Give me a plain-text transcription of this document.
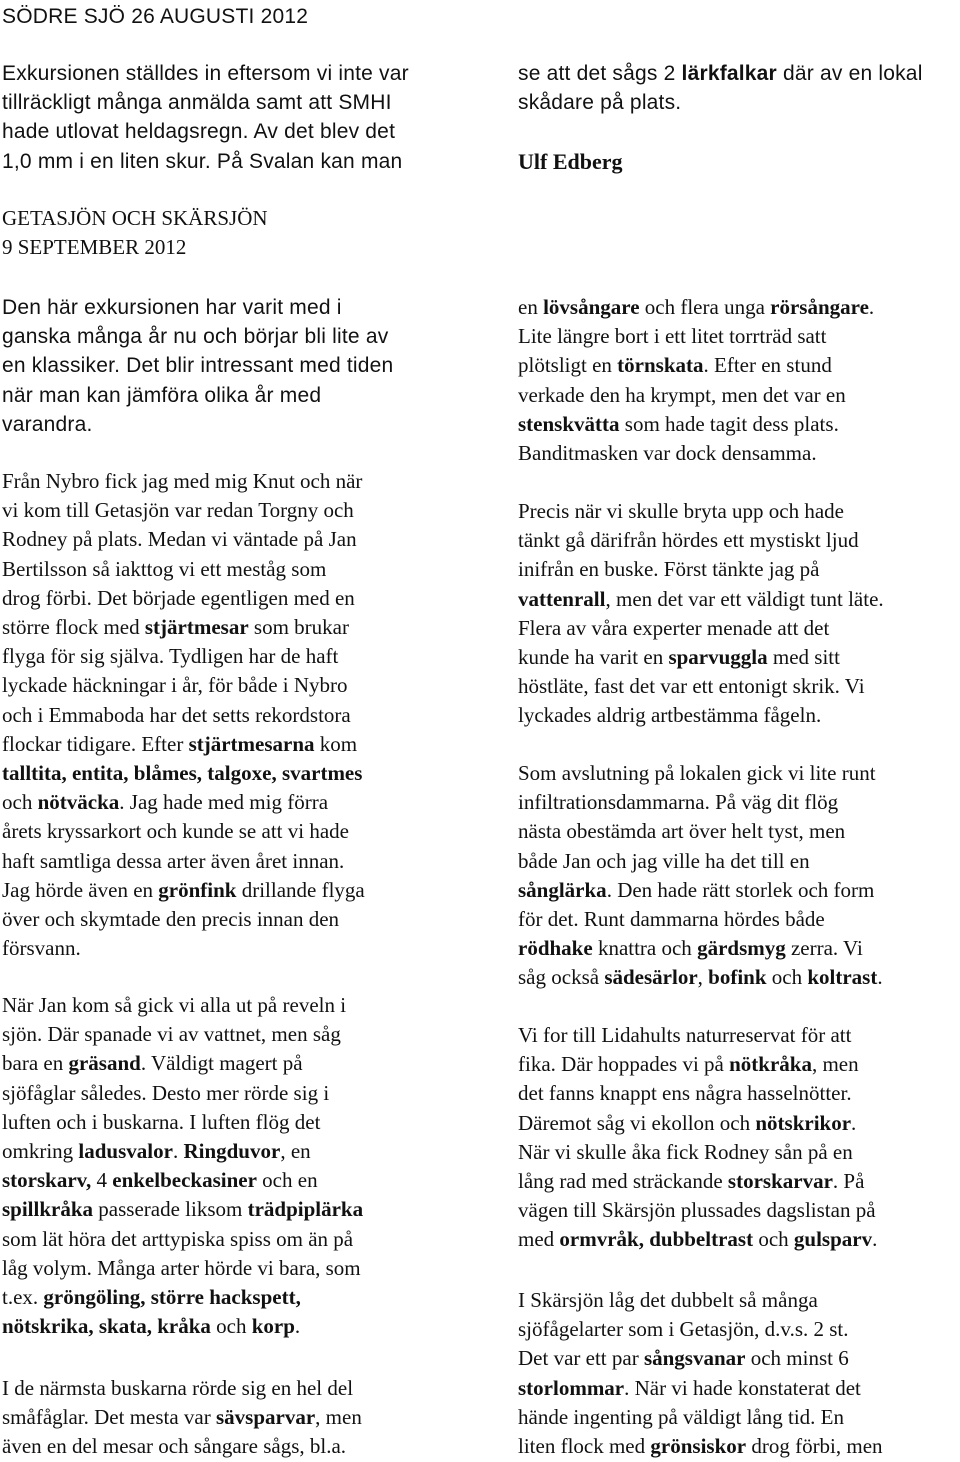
SÖDRE SJÖ 26 AUGUSTI 2012
Exkursionen ställdes in eftersom vi inte var
tillräckligt många anmälda samt att SMHI
hade utlovat heldagsregn. Av det blev det
1,0 mm i en liten skur. På Svalan kan man
se att det sågs 2 lärkfalkar där av en lokal
skådare på plats.
Ulf Edberg
GETASJÖN OCH SKÄRSJÖN
9 SEPTEMBER 2012
Den här exkursionen har varit med i
ganska många år nu och börjar bli lite av
en klassiker. Det blir intressant med tiden
när man kan jämföra olika år med
varandra.
Från Nybro fick jag med mig Knut och när
vi kom till Getasjön var redan Torgny och
Rodney på plats. Medan vi väntade på Jan
Bertilsson så iakttog vi ett meståg som
drog förbi. Det började egentligen med en
större flock med stjärtmesar som brukar
flyga för sig själva. Tydligen har de haft
lyckade häckningar i år, för både i Nybro
och i Emmaboda har det setts rekordstora
flockar tidigare. Efter stjärtmesarna kom
talltita, entita, blåmes, talgoxe, svartmes
och nötväcka. Jag hade med mig förra
årets kryssarkort och kunde se att vi hade
haft samtliga dessa arter även året innan.
Jag hörde även en grönfink drillande flyga
över och skymtade den precis innan den
försvann.
När Jan kom så gick vi alla ut på reveln i
sjön. Där spanade vi av vattnet, men såg
bara en gräsand. Väldigt magert på
sjöfåglar således. Desto mer rörde sig i
luften och i buskarna. I luften flög det
omkring ladusvalor. Ringduvor, en
storskarv, 4 enkelbeckasiner och en
spillkråka passerade liksom trädpiplärka
som lät höra det arttypiska spiss om än på
låg volym. Många arter hörde vi bara, som
t.ex. gröngöling, större hackspett,
nötskrika, skata, kråka och korp.
I de närmsta buskarna rörde sig en hel del
småfåglar. Det mesta var sävsparvar, men
även en del mesar och sångare sågs, bl.a.
en lövsångare och flera unga rörsångare.
Lite längre bort i ett litet torrträd satt
plötsligt en törnskata. Efter en stund
verkade den ha krympt, men det var en
stenskvätta som hade tagit dess plats.
Banditmasken var dock densamma.
Precis när vi skulle bryta upp och hade
tänkt gå därifrån hördes ett mystiskt ljud
inifrån en buske. Först tänkte jag på
vattenrall, men det var ett väldigt tunt läte.
Flera av våra experter menade att det
kunde ha varit en sparvuggla med sitt
höstläte, fast det var ett entonigt skrik. Vi
lyckades aldrig artbestämma fågeln.
Som avslutning på lokalen gick vi lite runt
infiltrationsdammarna. På väg dit flög
nästa obestämda art över helt tyst, men
både Jan och jag ville ha det till en
sånglärka. Den hade rätt storlek och form
för det. Runt dammarna hördes både
rödhake knattra och gärdsmyg zerra. Vi
såg också sädesärlor, bofink och koltrast.
Vi for till Lidahults naturreservat för att
fika. Där hoppades vi på nötkråka, men
det fanns knappt ens några hasselnötter.
Däremot såg vi ekollon och nötskrikor.
När vi skulle åka fick Rodney sån på en
lång rad med sträckande storskarvar. På
vägen till Skärsjön plussades dagslistan på
med ormvråk, dubbeltrast och gulsparv.
I Skärsjön låg det dubbelt så många
sjöfågelarter som i Getasjön, d.v.s. 2 st.
Det var ett par sångsvanar och minst 6
storlommar. När vi hade konstaterat det
hände ingenting på väldigt lång tid. En
liten flock med grönsiskor drog förbi, men
